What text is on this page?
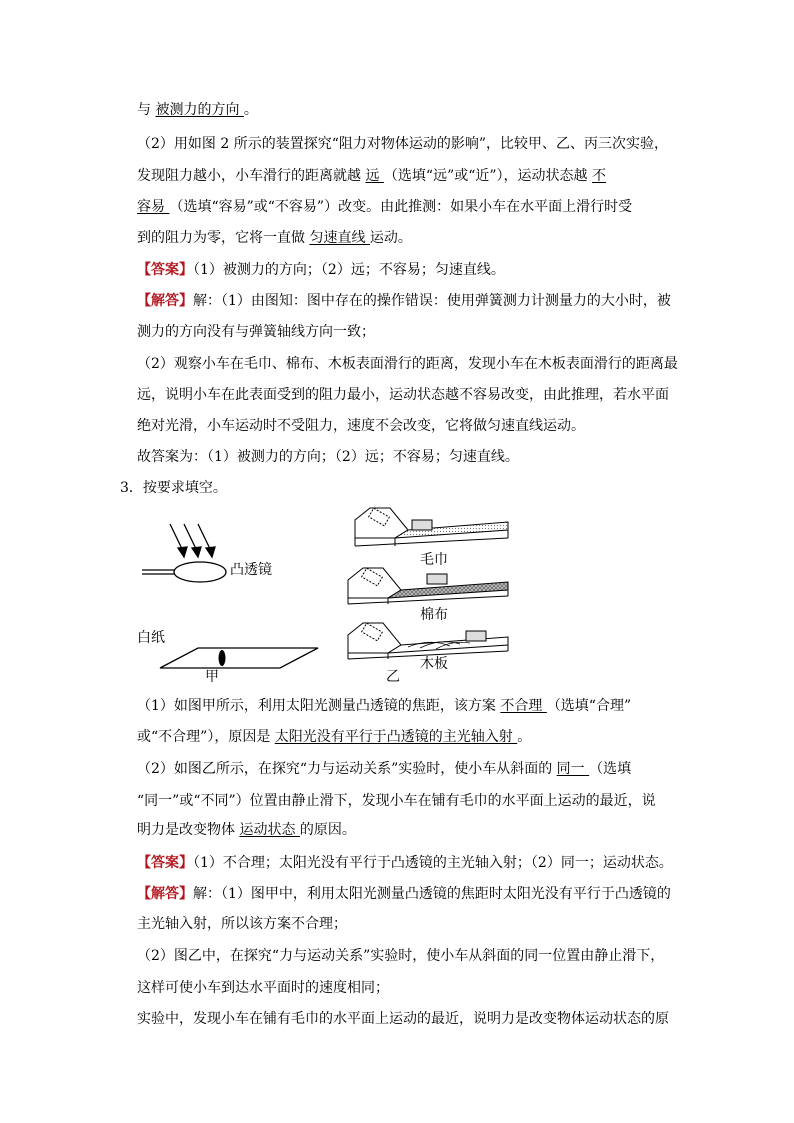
与 被测力的方向 。
（2）用如图 2 所示的装置探究“阻力对物体运动的影响”，比较甲、乙、丙三次实验，
发现阻力越小，小车滑行的距离就越 远 （选填“远”或“近”），运动状态越 不
容易 （选填“容易”或“不容易”）改变。由此推测：如果小车在水平面上滑行时受
到的阻力为零，它将一直做 匀速直线 运动。
【答案】（1）被测力的方向；（2）远；不容易；匀速直线。
【解答】解：（1）由图知：图中存在的操作错误：使用弹簧测力计测量力的大小时，被
测力的方向没有与弹簧轴线方向一致；
（2）观察小车在毛巾、棉布、木板表面滑行的距离，发现小车在木板表面滑行的距离最
远，说明小车在此表面受到的阻力最小，运动状态越不容易改变，由此推理，若水平面
绝对光滑，小车运动时不受阻力，速度不会改变，它将做匀速直线运动。
故答案为：（1）被测力的方向；（2）远；不容易；匀速直线。
3．按要求填空。
凸透镜
白纸
甲
毛巾
棉布
木板
乙
（1）如图甲所示，利用太阳光测量凸透镜的焦距，该方案 不合理 （选填“合理”
或“不合理”），原因是 太阳光没有平行于凸透镜的主光轴入射 。
（2）如图乙所示，在探究“力与运动关系”实验时，使小车从斜面的 同一 （选填
“同一”或“不同”）位置由静止滑下，发现小车在铺有毛巾的水平面上运动的最近，说
明力是改变物体 运动状态 的原因。
【答案】（1）不合理；太阳光没有平行于凸透镜的主光轴入射；（2）同一；运动状态。
【解答】解：（1）图甲中，利用太阳光测量凸透镜的焦距时太阳光没有平行于凸透镜的
主光轴入射，所以该方案不合理；
（2）图乙中，在探究“力与运动关系”实验时，使小车从斜面的同一位置由静止滑下，
这样可使小车到达水平面时的速度相同；
实验中，发现小车在铺有毛巾的水平面上运动的最近，说明力是改变物体运动状态的原
